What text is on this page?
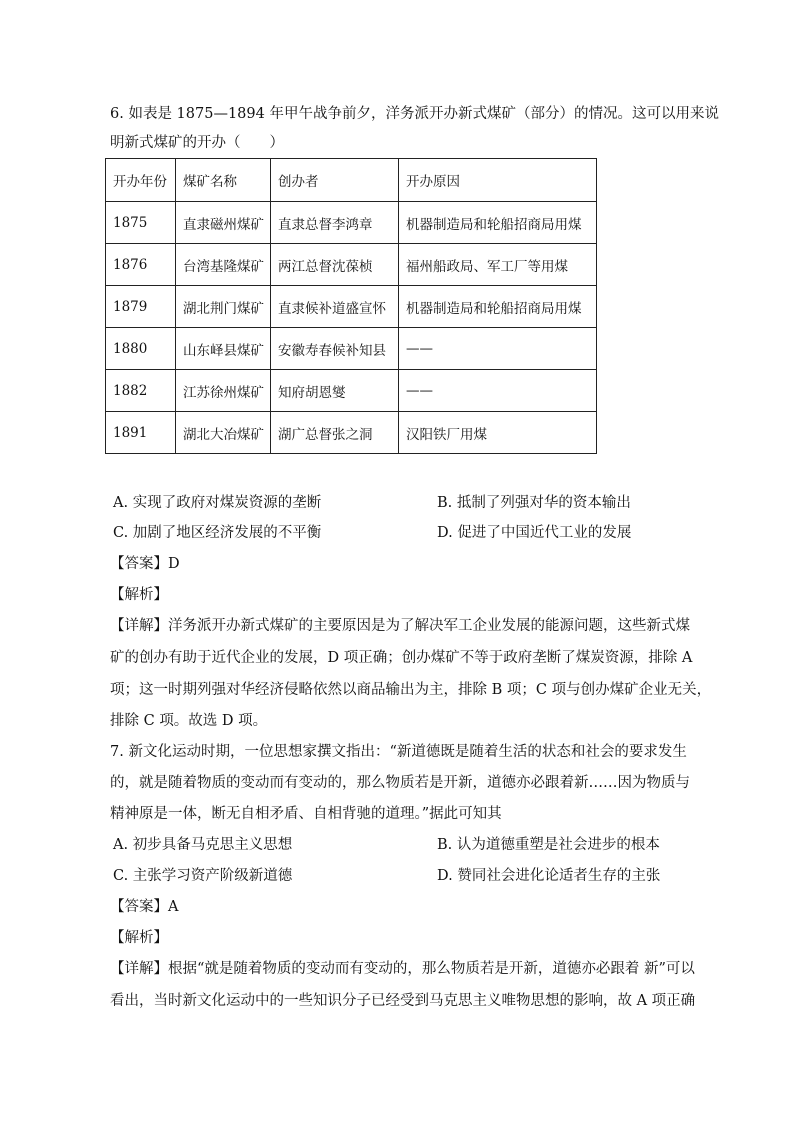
6. 如表是 1875—1894 年甲午战争前夕，洋务派开办新式煤矿（部分）的情况。这可以用来说
明新式煤矿的开办（　　）
开办年份	煤矿名称	创办者	开办原因
1875	直隶磁州煤矿	直隶总督李鸿章	机器制造局和轮船招商局用煤
1876	台湾基隆煤矿	两江总督沈葆桢	福州船政局、军工厂等用煤
1879	湖北荆门煤矿	直隶候补道盛宣怀	机器制造局和轮船招商局用煤
1880	山东峄县煤矿	安徽寿春候补知县	——
1882	江苏徐州煤矿	知府胡恩燮	——
1891	湖北大冶煤矿	湖广总督张之洞	汉阳铁厂用煤
A. 实现了政府对煤炭资源的垄断	B. 抵制了列强对华的资本输出
C. 加剧了地区经济发展的不平衡	D. 促进了中国近代工业的发展
【答案】D
【解析】
【详解】洋务派开办新式煤矿的主要原因是为了解决军工企业发展的能源问题，这些新式煤
矿的创办有助于近代企业的发展，D 项正确；创办煤矿不等于政府垄断了煤炭资源，排除 A
项；这一时期列强对华经济侵略依然以商品输出为主，排除 B 项；C 项与创办煤矿企业无关，
排除 C 项。故选 D 项。
7. 新文化运动时期，一位思想家撰文指出：“新道德既是随着生活的状态和社会的要求发生
的，就是随着物质的变动而有变动的，那么物质若是开新，道德亦必跟着新……因为物质与
精神原是一体，断无自相矛盾、自相背驰的道理。”据此可知其
A. 初步具备马克思主义思想	B. 认为道德重塑是社会进步的根本
C. 主张学习资产阶级新道德	D. 赞同社会进化论适者生存的主张
【答案】A
【解析】
【详解】根据“就是随着物质的变动而有变动的，那么物质若是开新，道德亦必跟着 新”可以
看出，当时新文化运动中的一些知识分子已经受到马克思主义唯物思想的影响，故 A 项正确
